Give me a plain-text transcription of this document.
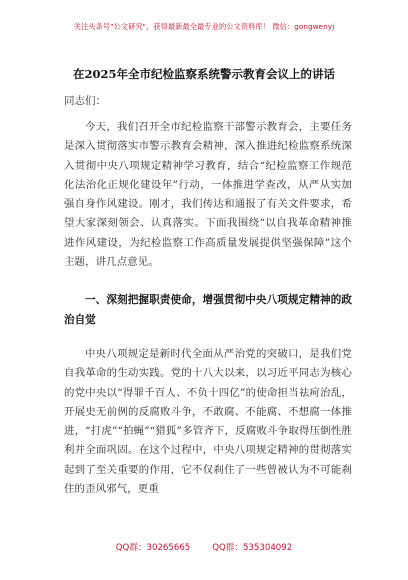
关注头条号"公文研究"，获得最新最全最专业的公文资料库！ 微信：gongwenyj
在2025年全市纪检监察系统警示教育会议上的讲话
同志们：
今天，我们召开全市纪检监察干部警示教育会，主要任务是深入贯彻落实市警示教育会精神，深入推进纪检监察系统深入贯彻中央八项规定精神学习教育，结合“纪检监察工作规范化法治化正规化建设年”行动，一体推进学查改，从严从实加强自身作风建设。刚才，我们传达和通报了有关文件要求，希望大家深刻领会、认真落实。下面我围绕“以自我革命精神推进作风建设，为纪检监察工作高质量发展提供坚强保障”这个主题，讲几点意见。
一、深刻把握职责使命，增强贯彻中央八项规定精神的政治自觉
中央八项规定是新时代全面从严治党的突破口，是我们党自我革命的生动实践。党的十八大以来，以习近平同志为核心的党中央以“得罪千百人、不负十四亿”的使命担当祛疴治乱，开展史无前例的反腐败斗争，不敢腐、不能腐、不想腐一体推进，“打虎”“拍蝇”“猎狐”多管齐下，反腐败斗争取得压倒性胜利并全面巩固。在这个过程中，中央八项规定精神的贯彻落实起到了至关重要的作用，它不仅刹住了一些曾被认为不可能刹住的歪风邪气，更重
QQ群：30265665	QQ群：535304092
